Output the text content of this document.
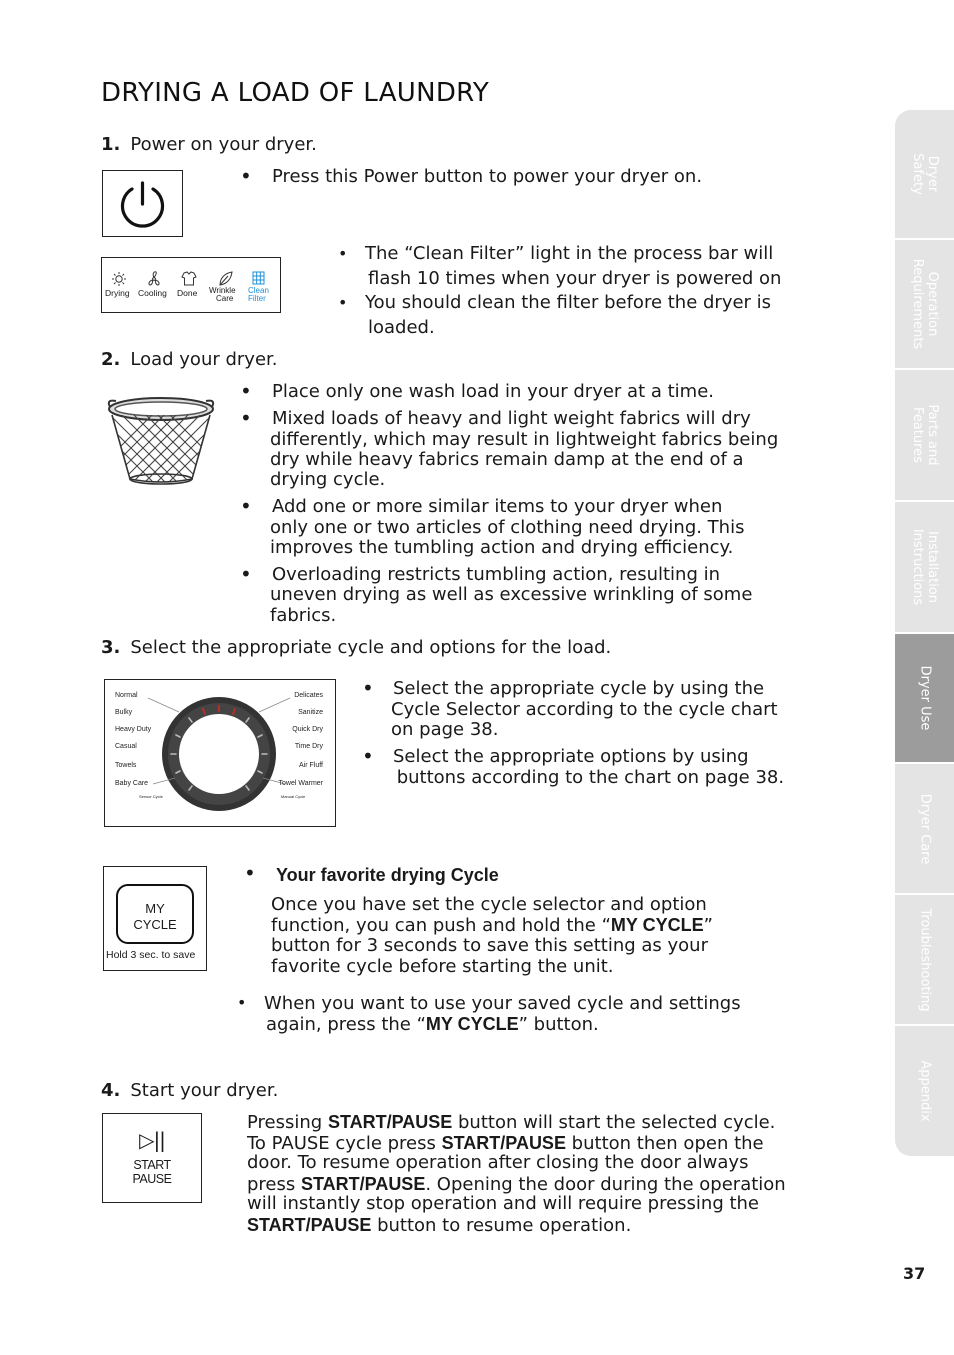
DRYING A LOAD OF LAUNDRY
1. Power on your dryer.
• Press this Power button to power your dryer on.
Drying Cooling Done Wrinkle
Care
Clean
Filter
• The “Clean Filter” light in the process bar will
flash 10 times when your dryer is powered on
• You should clean the filter before the dryer is
loaded.
2. Load your dryer.
• Place only one wash load in your dryer at a time.
• Mixed loads of heavy and light weight fabrics will dry
differently, which may result in lightweight fabrics being
dry while heavy fabrics remain damp at the end of a
drying cycle.
• Add one or more similar items to your dryer when
only one or two articles of clothing need drying. This
improves the tumbling action and drying efficiency.
• Overloading restricts tumbling action, resulting in
uneven drying as well as excessive wrinkling of some
fabrics.
3. Select the appropriate cycle and options for the load.
Normal
Bulky
Heavy Duty
Casual
Towels
Baby Care
Delicates
Sanitize
Quick Dry
Time Dry
Air Fluff
Towel Warmer
Sensor Cycle	Manual Cycle
• Select the appropriate cycle by using the
Cycle Selector according to the cycle chart
on page 38.
• Select the appropriate options by using
buttons according to the chart on page 38.
MY
CYCLE
Hold 3 sec. to save
• Your favorite drying Cycle
Once you have set the cycle selector and option
function, you can push and hold the “MY CYCLE”
button for 3 seconds to save this setting as your
favorite cycle before starting the unit.
• When you want to use your saved cycle and settings
again, press the “MY CYCLE” button.
4. Start your dryer.
▷||
START
PAUSE
Pressing START/PAUSE button will start the selected cycle.
To PAUSE cycle press START/PAUSE button then open the
door. To resume operation after closing the door always
press START/PAUSE. Opening the door during the operation
will instantly stop operation and will require pressing the
START/PAUSE button to resume operation.
Dryer
Safety
Operation
Requirements
Parts and
Features
Installation
Instructions
Dryer Use
Dryer Care
Troubleshooting
Appendix
37
